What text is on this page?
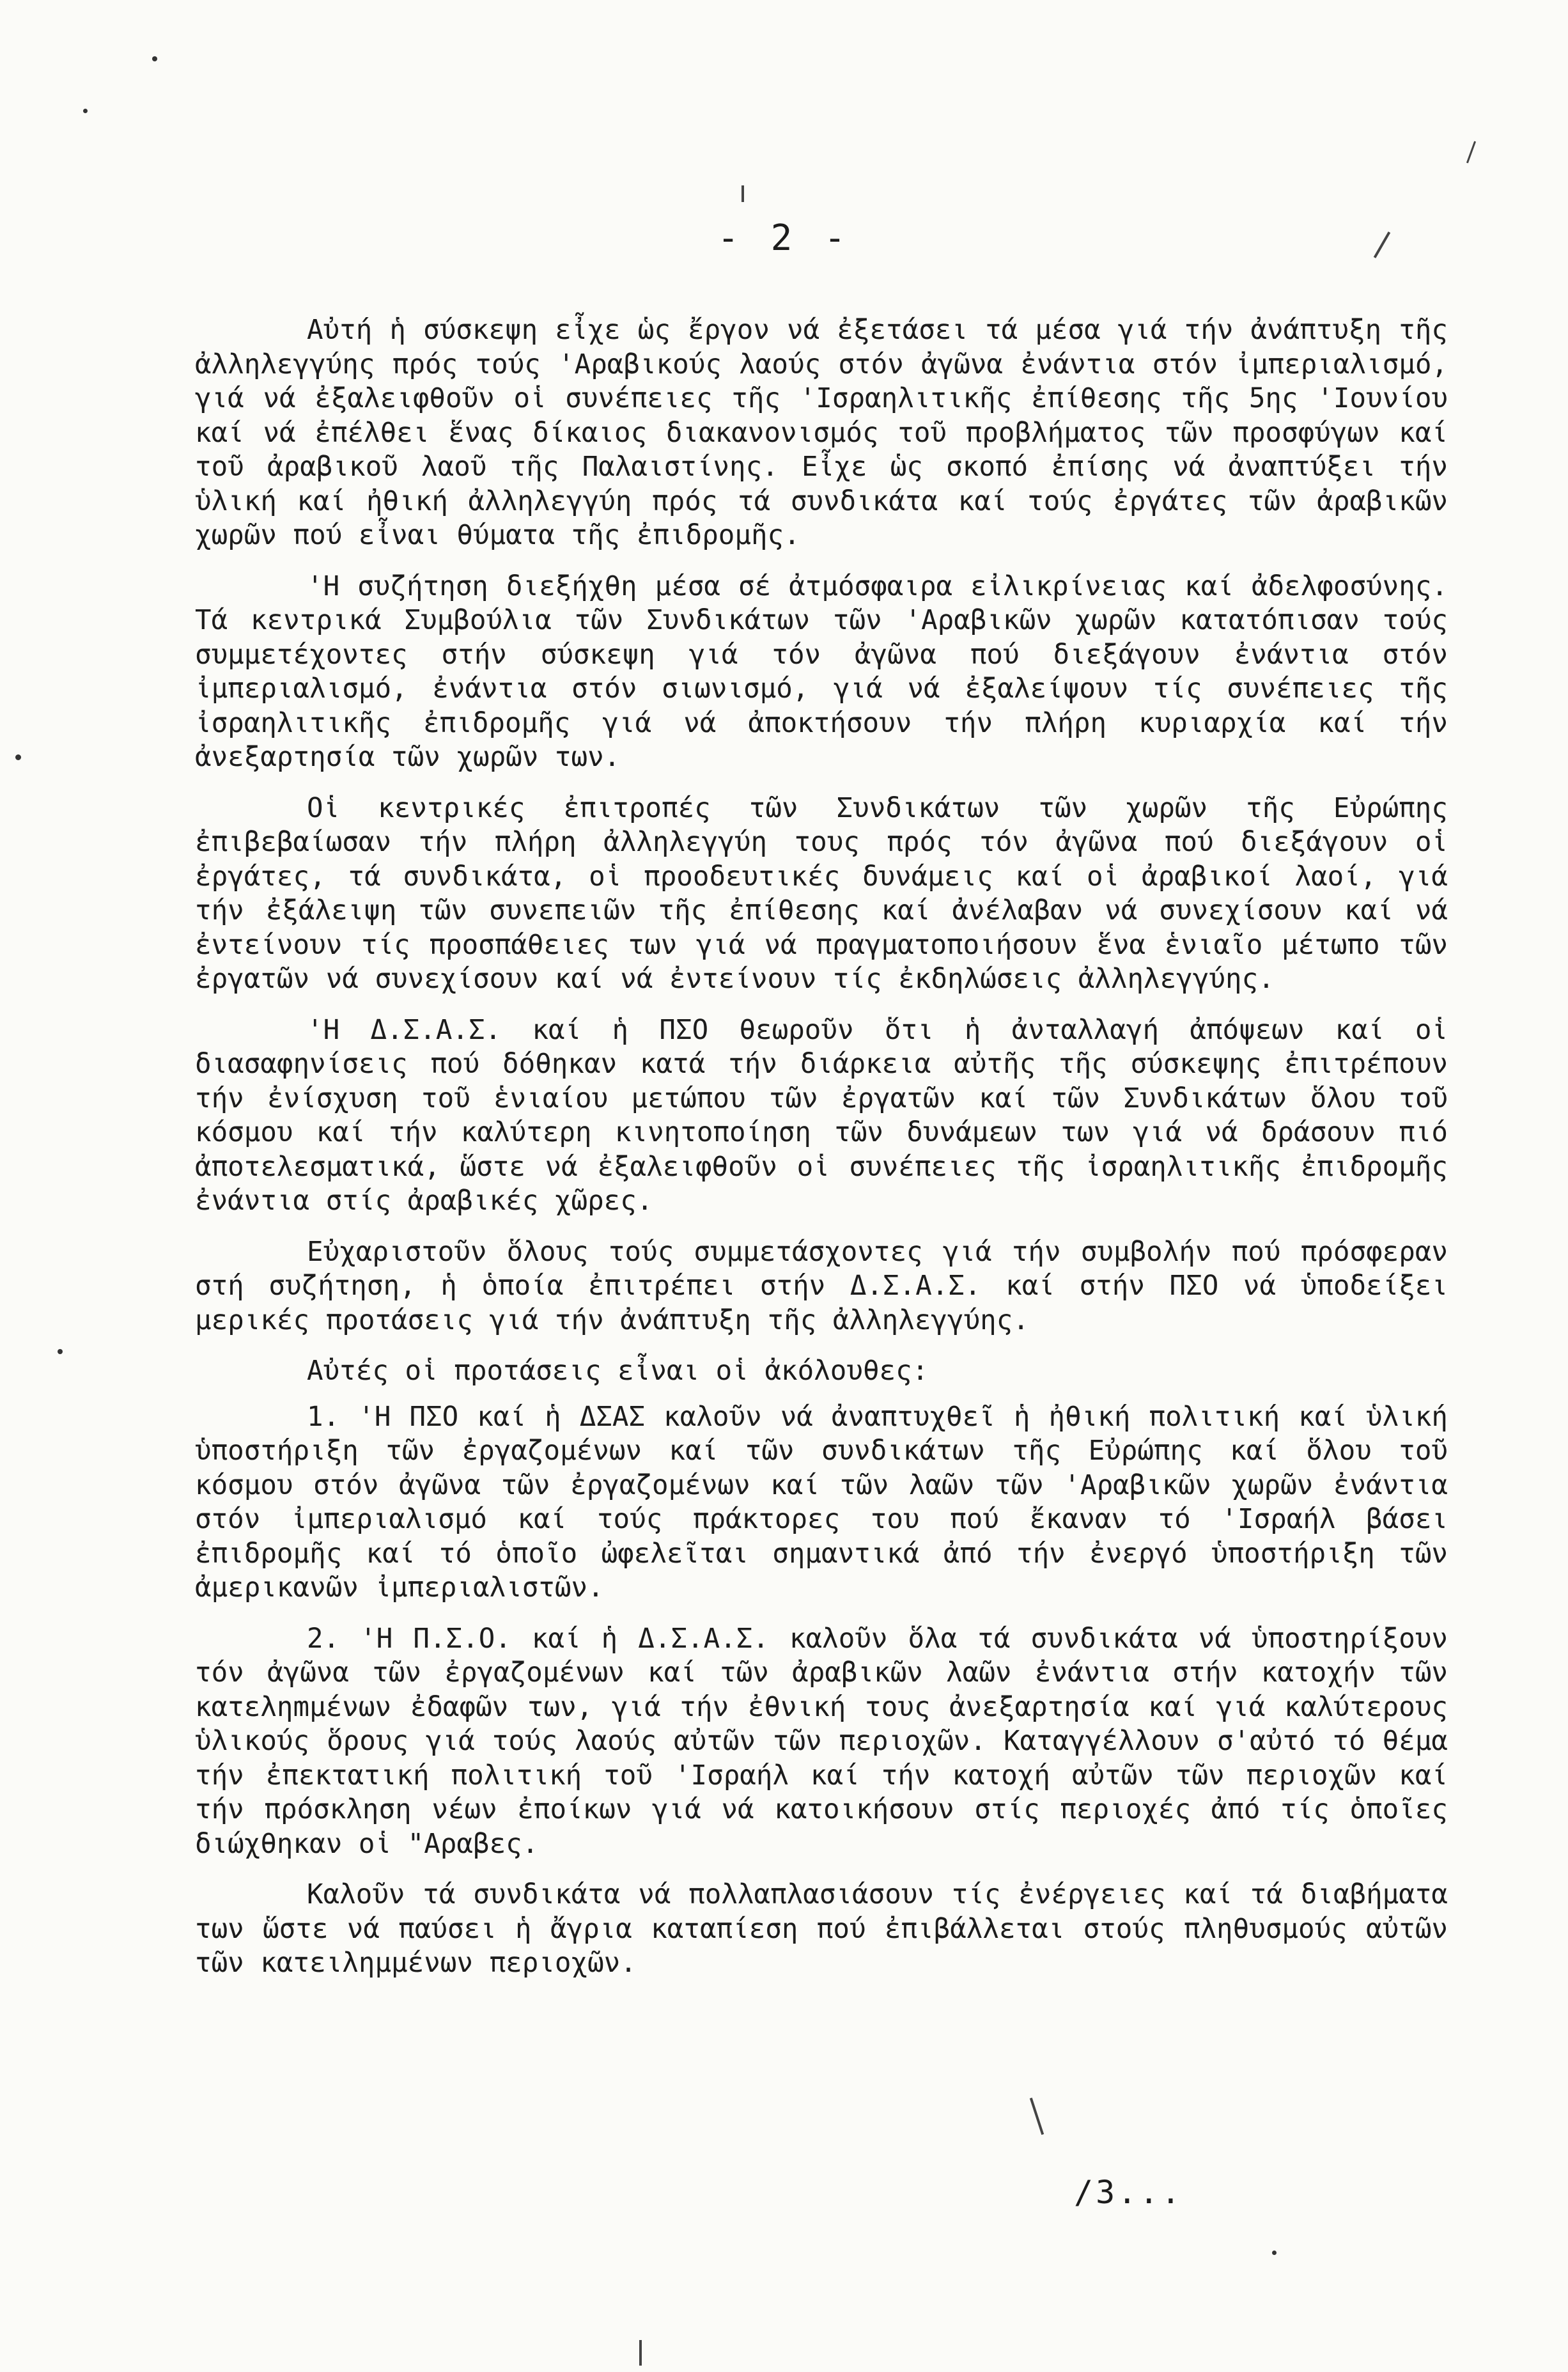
- 2 -

Αὐτή ἡ σύσκεψη εἶχε ὡς ἔργον νά ἐξετάσει τά μέσα γιά τήν ἀνάπτυξη τῆς ἀλληλεγγύης πρός τούς 'Αραβικούς λαούς στόν ἀγῶνα ἐνάντια στόν ἰμπεριαλισμό, γιά νά ἐξαλειφθοῦν οἱ συνέπειες τῆς 'Ισραηλιτικῆς ἐπίθεσης τῆς 5ης 'Ιουνίου καί νά ἐπέλθει ἕνας δίκαιος διακανονισμός τοῦ προβλήματος τῶν προσφύγων καί τοῦ ἀραβικοῦ λαοῦ τῆς Παλαιστίνης. Εἶχε ὡς σκοπό ἐπίσης νά ἀναπτύξει τήν ὑλική καί ἠθική ἀλληλεγγύη πρός τά συνδικάτα καί τούς ἐργάτες τῶν ἀραβικῶν χωρῶν πού εἶναι θύματα τῆς ἐπιδρομῆς.

'Η συζήτηση διεξήχθη μέσα σέ ἀτμόσφαιρα εἰλικρίνειας καί ἀδελφοσύνης. Τά κεντρικά Συμβούλια τῶν Συνδικάτων τῶν 'Αραβικῶν χωρῶν κατατόπισαν τούς συμμετέχοντες στήν σύσκεψη γιά τόν ἀγῶνα πού διεξάγουν ἐνάντια στόν ἰμπεριαλισμό, ἐνάντια στόν σιωνισμό, γιά νά ἐξαλείψουν τίς συνέπειες τῆς ἰσραηλιτικῆς ἐπιδρομῆς γιά νά ἀποκτήσουν τήν πλήρη κυριαρχία καί τήν ἀνεξαρτησία τῶν χωρῶν των.

Οἱ κεντρικές ἐπιτροπές τῶν Συνδικάτων τῶν χωρῶν τῆς Εὐρώπης ἐπιβεβαίωσαν τήν πλήρη ἀλληλεγγύη τους πρός τόν ἀγῶνα πού διεξάγουν οἱ ἐργάτες, τά συνδικάτα, οἱ προοδευτικές δυνάμεις καί οἱ ἀραβικοί λαοί, γιά τήν ἐξάλειψη τῶν συνεπειῶν τῆς ἐπίθεσης καί ἀνέλαβαν νά συνεχίσουν καί νά ἐντείνουν τίς προσπάθειες των γιά νά πραγματοποιήσουν ἕνα ἑνιαῖο μέτωπο τῶν ἐργατῶν νά συνεχίσουν καί νά ἐντείνουν τίς ἐκδηλώσεις ἀλληλεγγύης.

'Η Δ.Σ.Α.Σ. καί ἡ ΠΣΟ θεωροῦν ὅτι ἡ ἀνταλλαγή ἀπόψεων καί οἱ διασαφηνίσεις πού δόθηκαν κατά τήν διάρκεια αὐτῆς τῆς σύσκεψης ἐπιτρέπουν τήν ἐνίσχυση τοῦ ἑνιαίου μετώπου τῶν ἐργατῶν καί τῶν Συνδικάτων ὅλου τοῦ κόσμου καί τήν καλύτερη κινητοποίηση τῶν δυνάμεων των γιά νά δράσουν πιό ἀποτελεσματικά, ὥστε νά ἐξαλειφθοῦν οἱ συνέπειες τῆς ἰσραηλιτικῆς ἐπιδρομῆς ἐνάντια στίς ἀραβικές χῶρες.

Εὐχαριστοῦν ὅλους τούς συμμετάσχοντες γιά τήν συμβολήν πού πρόσφεραν στή συζήτηση, ἡ ὁποία ἐπιτρέπει στήν Δ.Σ.Α.Σ. καί στήν ΠΣΟ νά ὑποδείξει μερικές προτάσεις γιά τήν ἀνάπτυξη τῆς ἀλληλεγγύης.

Αὐτές οἱ προτάσεις εἶναι οἱ ἀκόλουθες:

1. 'Η ΠΣΟ καί ἡ ΔΣΑΣ καλοῦν νά ἀναπτυχθεῖ ἡ ἠθική πολιτική καί ὑλική ὑποστήριξη τῶν ἐργαζομένων καί τῶν συνδικάτων τῆς Εὐρώπης καί ὅλου τοῦ κόσμου στόν ἀγῶνα τῶν ἐργαζομένων καί τῶν λαῶν τῶν 'Αραβικῶν χωρῶν ἐνάντια στόν ἰμπεριαλισμό καί τούς πράκτορες του πού ἔκαναν τό 'Ισραήλ βάσει ἐπιδρομῆς καί τό ὁποῖο ὠφελεῖται σημαντικά ἀπό τήν ἐνεργό ὑποστήριξη τῶν ἀμερικανῶν ἰμπεριαλιστῶν.

2. 'Η Π.Σ.Ο. καί ἡ Δ.Σ.Α.Σ. καλοῦν ὅλα τά συνδικάτα νά ὑποστηρίξουν τόν ἀγῶνα τῶν ἐργαζομένων καί τῶν ἀραβικῶν λαῶν ἐνάντια στήν κατοχήν τῶν κατεληmμένων ἐδαφῶν των, γιά τήν ἐθνική τους ἀνεξαρτησία καί γιά καλύτερους ὑλικούς ὅρους γιά τούς λαούς αὐτῶν τῶν περιοχῶν. Καταγγέλλουν σ'αὐτό τό θέμα τήν ἐπεκτατική πολιτική τοῦ 'Ισραήλ καί τήν κατοχή αὐτῶν τῶν περιοχῶν καί τήν πρόσκληση νέων ἐποίκων γιά νά κατοικήσουν στίς περιοχές ἀπό τίς ὁποῖες διώχθηκαν οἱ "Αραβες.

Καλοῦν τά συνδικάτα νά πολλαπλασιάσουν τίς ἐνέργειες καί τά διαβήματα των ὥστε νά παύσει ἡ ἄγρια καταπίεση πού ἐπιβάλλεται στούς πληθυσμούς αὐτῶν τῶν κατειλημμένων περιοχῶν.

/3...
